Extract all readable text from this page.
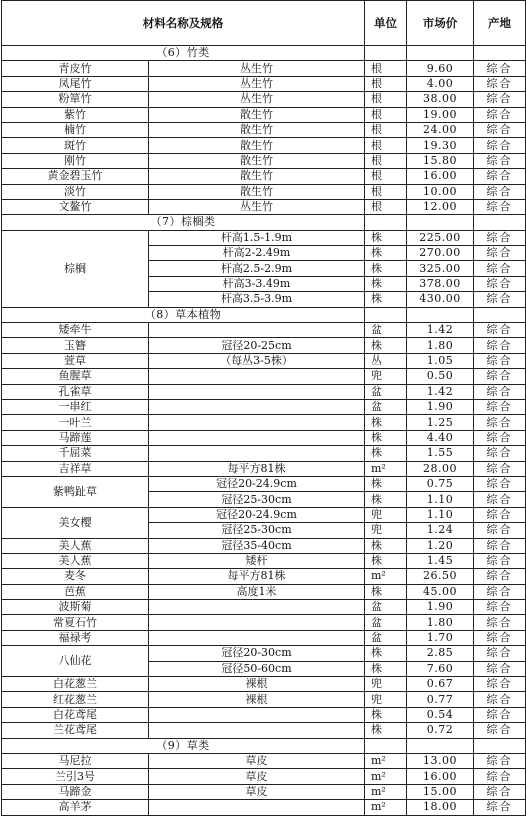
材料名称及规格		单位	市场价	产地
（6）竹类				
青皮竹	丛生竹	根	9.60	综合
凤尾竹	丛生竹	根	4.00	综合
粉箪竹	丛生竹	根	38.00	综合
紫竹	散生竹	根	19.00	综合
楠竹	散生竹	根	24.00	综合
斑竹	散生竹	根	19.30	综合
刚竹	散生竹	根	15.80	综合
黄金碧玉竹	散生竹	根	16.00	综合
淡竹	散生竹	根	10.00	综合
文鳌竹	丛生竹	根	12.00	综合
（7）棕榈类				
棕榈	杆高1.5-1.9m	株	225.00	综合
	杆高2-2.49m	株	270.00	综合
	杆高2.5-2.9m	株	325.00	综合
	杆高3-3.49m	株	378.00	综合
	杆高3.5-3.9m	株	430.00	综合
（8）草本植物				
矮牵牛		盆	1.42	综合
玉簪	冠径20-25cm	株	1.80	综合
萱草	（每丛3-5株）	丛	1.05	综合
鱼腥草		兜	0.50	综合
孔雀草		盆	1.42	综合
一串红		盆	1.90	综合
一叶兰		株	1.25	综合
马蹄莲		株	4.40	综合
千屈菜		株	1.55	综合
吉祥草	每平方81株	m²	28.00	综合
紫鸭趾草	冠径20-24.9cm	株	0.75	综合
	冠径25-30cm	株	1.10	综合
美女樱	冠径20-24.9cm	兜	1.10	综合
	冠径25-30cm	兜	1.24	综合
美人蕉	冠径35-40cm	株	1.20	综合
美人蕉	矮杆	株	1.45	综合
麦冬	每平方81株	m²	26.50	综合
芭蕉	高度1米	株	45.00	综合
波斯菊		盆	1.90	综合
常夏石竹		盆	1.80	综合
福禄考		盆	1.70	综合
八仙花	冠径20-30cm	株	2.85	综合
	冠径50-60cm	株	7.60	综合
白花葱兰	裸根	兜	0.67	综合
红花葱兰	裸根	兜	0.77	综合
白花鸢尾		株	0.54	综合
兰花鸢尾		株	0.72	综合
（9）草类				
马尼拉	草皮	m²	13.00	综合
兰引3号	草皮	m²	16.00	综合
马蹄金	草皮	m²	15.00	综合
高羊茅		m²	18.00	综合
